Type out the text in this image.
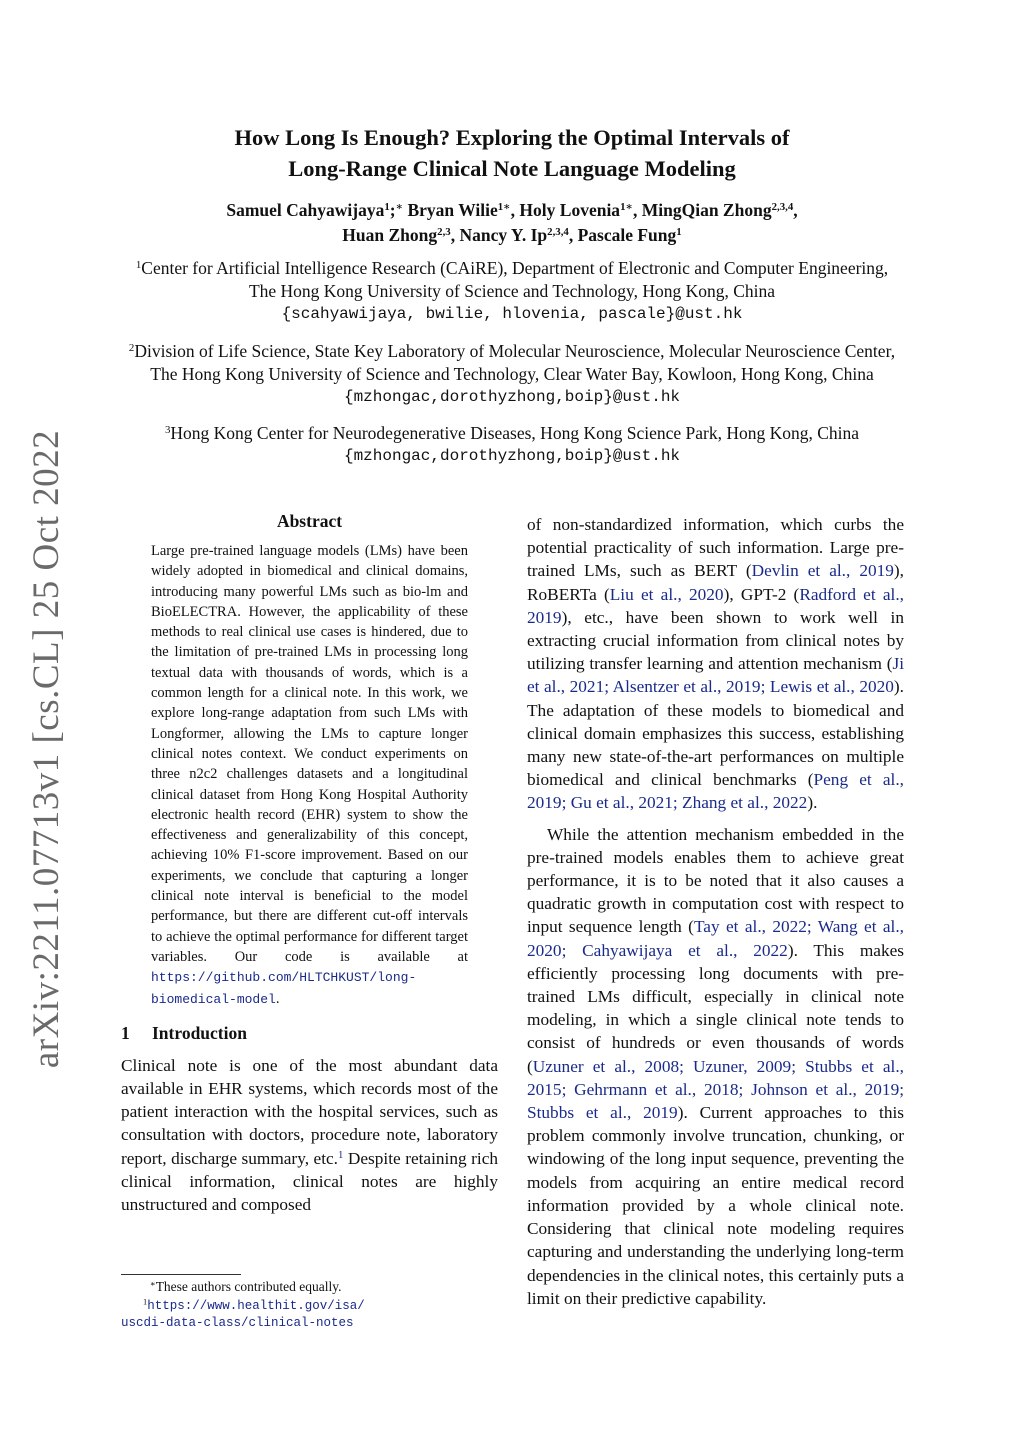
arXiv:2211.07713v1 [cs.CL] 25 Oct 2022
How Long Is Enough? Exploring the Optimal Intervals of
Long-Range Clinical Note Language Modeling
Samuel Cahyawijaya$^1$;∗ Bryan Wilie$^{1∗}$, Holy Lovenia$^{1∗}$, MingQian Zhong$^{2,3,4}$,
Huan Zhong$^{2,3}$, Nancy Y. Ip$^{2,3,4}$, Pascale Fung$^1$
$^1$Center for Artificial Intelligence Research (CAiRE), Department of Electronic and Computer Engineering,
The Hong Kong University of Science and Technology, Hong Kong, China
{scahyawijaya, bwilie, hlovenia, pascale}@ust.hk
$^2$Division of Life Science, State Key Laboratory of Molecular Neuroscience, Molecular Neuroscience Center,
The Hong Kong University of Science and Technology, Clear Water Bay, Kowloon, Hong Kong, China
{mzhongac,dorothyzhong,boip}@ust.hk
$^3$Hong Kong Center for Neurodegenerative Diseases, Hong Kong Science Park, Hong Kong, China
{mzhongac,dorothyzhong,boip}@ust.hk
Abstract
Large pre-trained language models (LMs) have been widely adopted in biomedical and clinical domains, introducing many powerful LMs such as bio-lm and BioELECTRA. However, the applicability of these methods to real clinical use cases is hindered, due to the limitation of pre-trained LMs in processing long textual data with thousands of words, which is a common length for a clinical note. In this work, we explore long-range adaptation from such LMs with Longformer, allowing the LMs to capture longer clinical notes context. We conduct experiments on three n2c2 challenges datasets and a longitudinal clinical dataset from Hong Kong Hospital Authority electronic health record (EHR) system to show the effectiveness and generalizability of this concept, achieving 10% F1-score improvement. Based on our experiments, we conclude that capturing a longer clinical note interval is beneficial to the model performance, but there are different cut-off intervals to achieve the optimal performance for different target variables. Our code is available at https://github.com/HLTCHKUST/long-biomedical-model.
1 Introduction

Clinical note is one of the most abundant data available in EHR systems, which records most of the patient interaction with the hospital services, such as consultation with doctors, procedure note, laboratory report, discharge summary, etc.$^1$ Despite retaining rich clinical information, clinical notes are highly unstructured and composed

∗These authors contributed equally.
$^1$https://www.healthit.gov/isa/
uscdi-data-class/clinical-notes

of non-standardized information, which curbs the potential practicality of such information. Large pre-trained LMs, such as BERT (Devlin et al., 2019), RoBERTa (Liu et al., 2020), GPT-2 (Radford et al., 2019), etc., have been shown to work well in extracting crucial information from clinical notes by utilizing transfer learning and attention mechanism (Ji et al., 2021; Alsentzer et al., 2019; Lewis et al., 2020). The adaptation of these models to biomedical and clinical domain emphasizes this success, establishing many new state-of-the-art performances on multiple biomedical and clinical benchmarks (Peng et al., 2019; Gu et al., 2021; Zhang et al., 2022).

While the attention mechanism embedded in the pre-trained models enables them to achieve great performance, it is to be noted that it also causes a quadratic growth in computation cost with respect to input sequence length (Tay et al., 2022; Wang et al., 2020; Cahyawijaya et al., 2022). This makes efficiently processing long documents with pre-trained LMs difficult, especially in clinical note modeling, in which a single clinical note tends to consist of hundreds or even thousands of words (Uzuner et al., 2008; Uzuner, 2009; Stubbs et al., 2015; Gehrmann et al., 2018; Johnson et al., 2019; Stubbs et al., 2019). Current approaches to this problem commonly involve truncation, chunking, or windowing of the long input sequence, preventing the models from acquiring an entire medical record information provided by a whole clinical note. Considering that clinical note modeling requires capturing and understanding the underlying long-term dependencies in the clinical notes, this certainly puts a limit on their predictive capability.
